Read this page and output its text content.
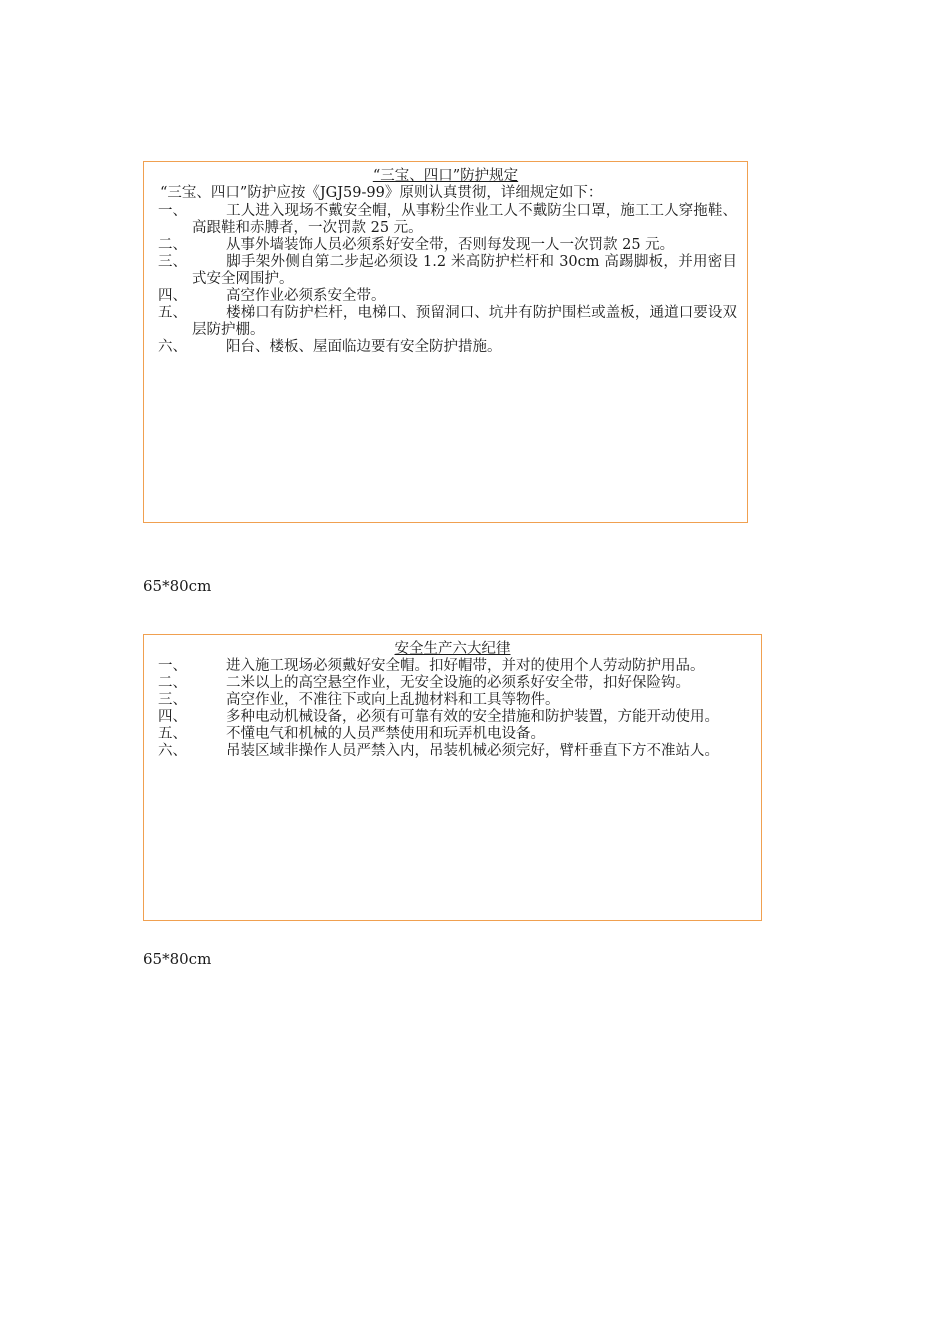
“三宝、四口”防护规定
“三宝、四口”防护应按《JGJ59-99》原则认真贯彻，详细规定如下：
一、	工人进入现场不戴安全帽，从事粉尘作业工人不戴防尘口罩，施工工人穿拖鞋、高跟鞋和赤膊者，一次罚款 25 元。
二、	从事外墙装饰人员必须系好安全带，否则每发现一人一次罚款 25 元。
三、	脚手架外侧自第二步起必须设 1.2 米高防护栏杆和 30cm 高踢脚板，并用密目式安全网围护。
四、	高空作业必须系安全带。
五、	楼梯口有防护栏杆，电梯口、预留洞口、坑井有防护围栏或盖板，通道口要设双层防护棚。
六、	阳台、楼板、屋面临边要有安全防护措施。
65*80cm
安全生产六大纪律
一、	进入施工现场必须戴好安全帽。扣好帽带，并对的使用个人劳动防护用品。
二、	二米以上的高空悬空作业，无安全设施的必须系好安全带，扣好保险钩。
三、	高空作业，不准往下或向上乱抛材料和工具等物件。
四、	多种电动机械设备，必须有可靠有效的安全措施和防护装置，方能开动使用。
五、	不懂电气和机械的人员严禁使用和玩弄机电设备。
六、	吊装区域非操作人员严禁入内，吊装机械必须完好，臂杆垂直下方不准站人。
65*80cm
